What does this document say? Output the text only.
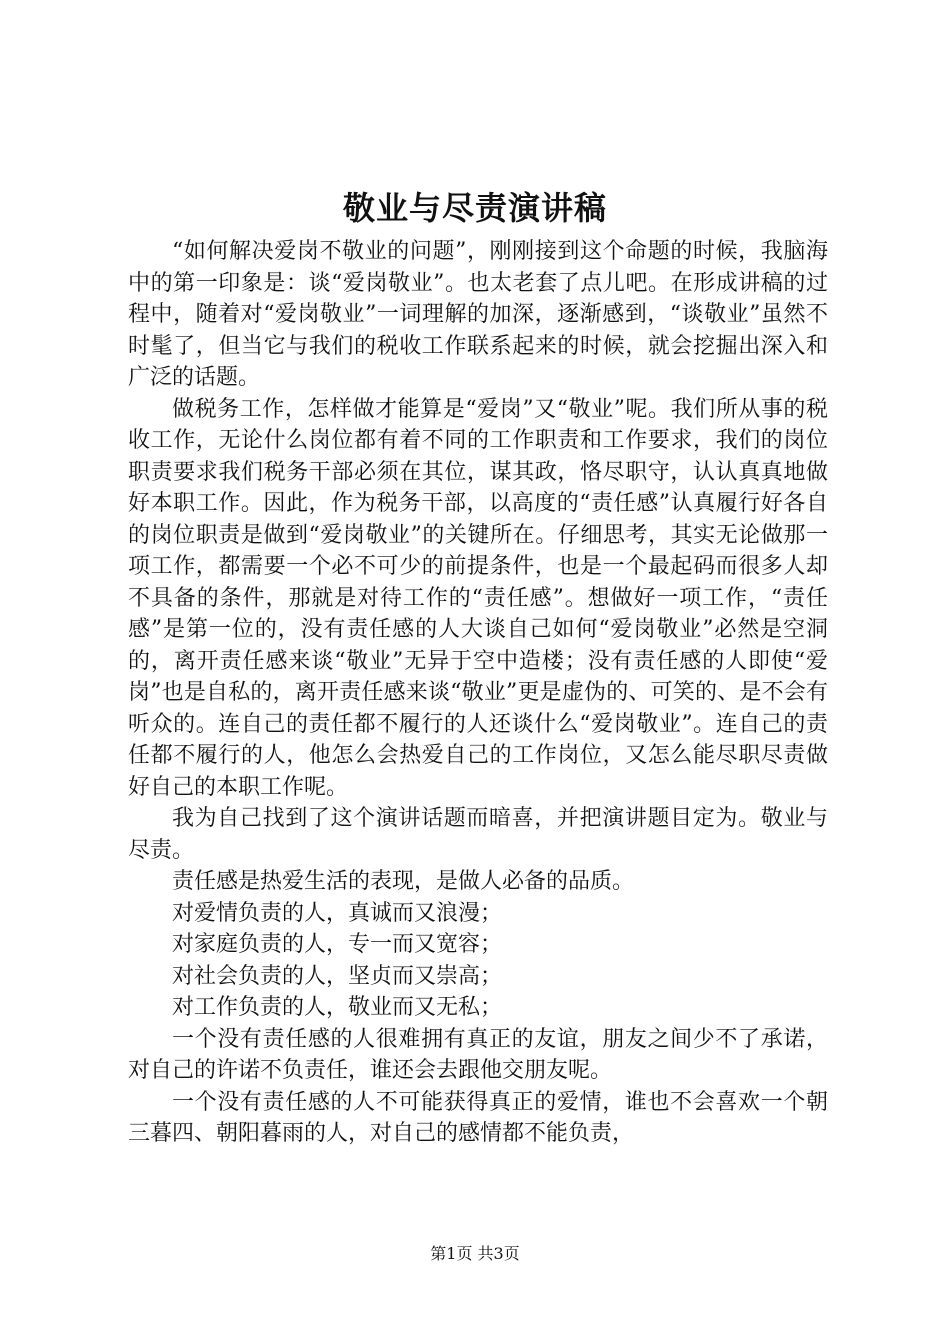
敬业与尽责演讲稿

“如何解决爱岗不敬业的问题”，刚刚接到这个命题的时候，我脑海中的第一印象是：谈“爱岗敬业”。也太老套了点儿吧。在形成讲稿的过程中，随着对“爱岗敬业”一词理解的加深，逐渐感到，“谈敬业”虽然不时髦了，但当它与我们的税收工作联系起来的时候，就会挖掘出深入和广泛的话题。

做税务工作，怎样做才能算是“爱岗”又“敬业”呢。我们所从事的税收工作，无论什么岗位都有着不同的工作职责和工作要求，我们的岗位职责要求我们税务干部必须在其位，谋其政，恪尽职守，认认真真地做好本职工作。因此，作为税务干部，以高度的“责任感”认真履行好各自的岗位职责是做到“爱岗敬业”的关键所在。仔细思考，其实无论做那一项工作，都需要一个必不可少的前提条件，也是一个最起码而很多人却不具备的条件，那就是对待工作的“责任感”。想做好一项工作，“责任感”是第一位的，没有责任感的人大谈自己如何“爱岗敬业”必然是空洞的，离开责任感来谈“敬业”无异于空中造楼；没有责任感的人即使“爱岗”也是自私的，离开责任感来谈“敬业”更是虚伪的、可笑的、是不会有听众的。连自己的责任都不履行的人还谈什么“爱岗敬业”。连自己的责任都不履行的人，他怎么会热爱自己的工作岗位，又怎么能尽职尽责做好自己的本职工作呢。

我为自己找到了这个演讲话题而暗喜，并把演讲题目定为。敬业与尽责。

责任感是热爱生活的表现，是做人必备的品质。

对爱情负责的人，真诚而又浪漫；

对家庭负责的人，专一而又宽容；

对社会负责的人，坚贞而又崇高；

对工作负责的人，敬业而又无私；

一个没有责任感的人很难拥有真正的友谊，朋友之间少不了承诺，对自己的许诺不负责任，谁还会去跟他交朋友呢。

一个没有责任感的人不可能获得真正的爱情，谁也不会喜欢一个朝三暮四、朝阳暮雨的人，对自己的感情都不能负责，

第1页 共3页
